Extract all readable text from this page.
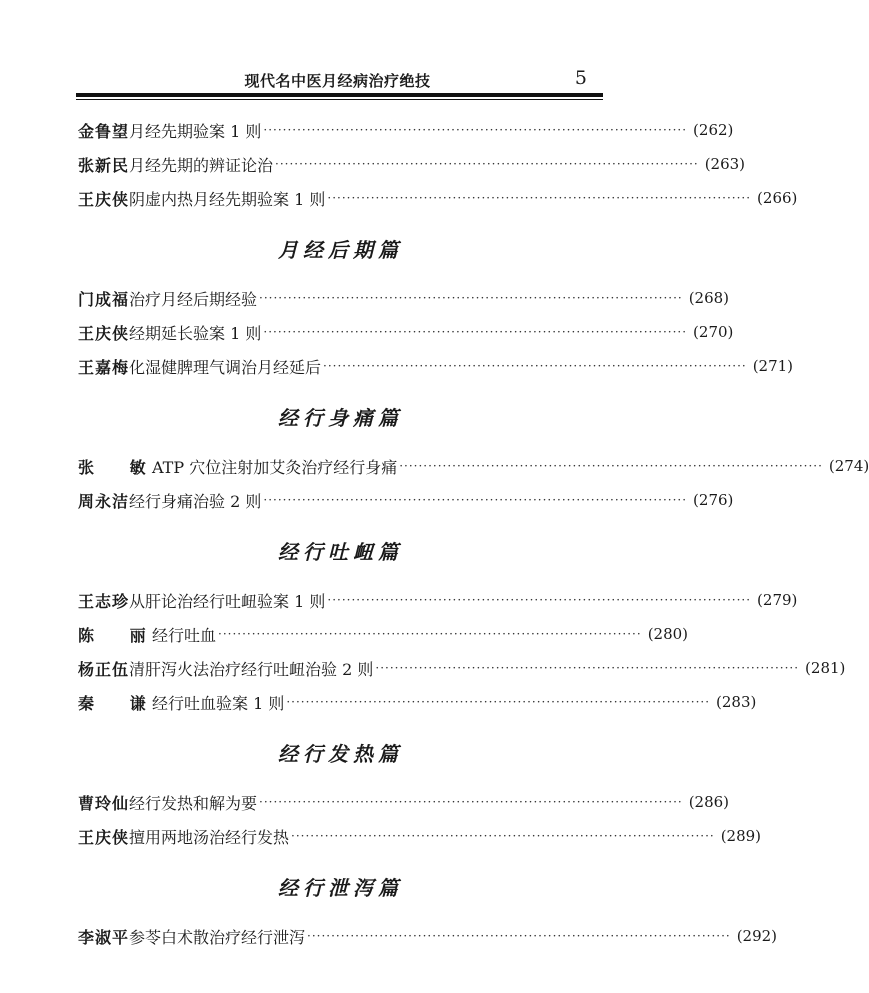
现代名中医月经病治疗绝技	5
金鲁望 月经先期验案 1 则 ························································································ (262)
张新民 月经先期的辨证论治 ························································································ (263)
王庆侠 阴虚内热月经先期验案 1 则 ························································································ (266)
月经后期篇
门成福 治疗月经后期经验 ························································································ (268)
王庆侠 经期延长验案 1 则 ························································································ (270)
王嘉梅 化湿健脾理气调治月经延后 ························································································ (271)
经行身痛篇
张 敏
ATP 穴位注射加艾灸治疗经行身痛 ························································································ (274)
周永洁 经行身痛治验 2 则 ························································································ (276)
经行吐衄篇
王志珍 从肝论治经行吐衄验案 1 则 ························································································ (279)
陈 丽
经行吐血 ························································································ (280)
杨正伍 清肝泻火法治疗经行吐衄治验 2 则 ························································································ (281)
秦 谦
经行吐血验案 1 则 ························································································ (283)
经行发热篇
曹玲仙 经行发热和解为要 ························································································ (286)
王庆侠 擅用两地汤治经行发热 ························································································ (289)
经行泄泻篇
李淑平 参苓白术散治疗经行泄泻 ························································································ (292)
